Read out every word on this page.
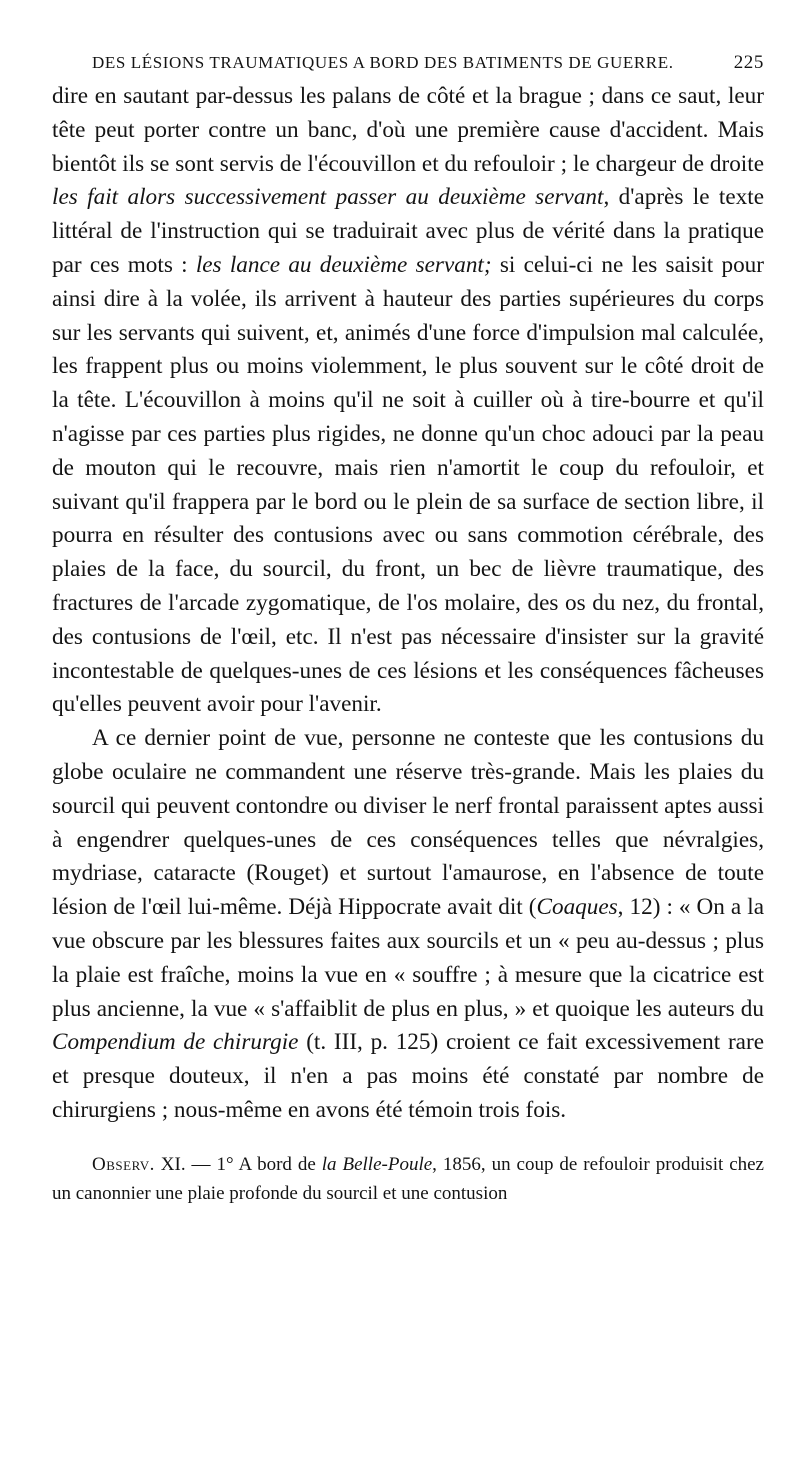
DES LÉSIONS TRAUMATIQUES A BORD DES BATIMENTS DE GUERRE.	225

dire en sautant par-dessus les palans de côté et la brague ; dans ce saut, leur tête peut porter contre un banc, d'où une première cause d'accident. Mais bientôt ils se sont servis de l'écouvillon et du refouloir ; le chargeur de droite les fait alors successivement passer au deuxième servant, d'après le texte littéral de l'instruction qui se traduirait avec plus de vérité dans la pratique par ces mots : les lance au deuxième servant; si celui-ci ne les saisit pour ainsi dire à la volée, ils arrivent à hauteur des parties supérieures du corps sur les servants qui suivent, et, animés d'une force d'impulsion mal calculée, les frappent plus ou moins violemment, le plus souvent sur le côté droit de la tête. L'écouvillon à moins qu'il ne soit à cuiller où à tire-bourre et qu'il n'agisse par ces parties plus rigides, ne donne qu'un choc adouci par la peau de mouton qui le recouvre, mais rien n'amortit le coup du refouloir, et suivant qu'il frappera par le bord ou le plein de sa surface de section libre, il pourra en résulter des contusions avec ou sans commotion cérébrale, des plaies de la face, du sourcil, du front, un bec de lièvre traumatique, des fractures de l'arcade zygomatique, de l'os molaire, des os du nez, du frontal, des contusions de l'œil, etc. Il n'est pas nécessaire d'insister sur la gravité incontestable de quelques-unes de ces lésions et les conséquences fâcheuses qu'elles peuvent avoir pour l'avenir.

A ce dernier point de vue, personne ne conteste que les contusions du globe oculaire ne commandent une réserve très-grande. Mais les plaies du sourcil qui peuvent contondre ou diviser le nerf frontal paraissent aptes aussi à engendrer quelques-unes de ces conséquences telles que névralgies, mydriase, cataracte (Rouget) et surtout l'amaurose, en l'absence de toute lésion de l'œil lui-même. Déjà Hippocrate avait dit (Coaques, 12) : « On a la vue obscure par les blessures faites aux sourcils et un « peu au-dessus ; plus la plaie est fraîche, moins la vue en « souffre ; à mesure que la cicatrice est plus ancienne, la vue « s'affaiblit de plus en plus, » et quoique les auteurs du Compendium de chirurgie (t. III, p. 125) croient ce fait excessivement rare et presque douteux, il n'en a pas moins été constaté par nombre de chirurgiens ; nous-même en avons été témoin trois fois.

Observ. XI. — 1° A bord de la Belle-Poule, 1856, un coup de refouloir produisit chez un canonnier une plaie profonde du sourcil et une contusion
